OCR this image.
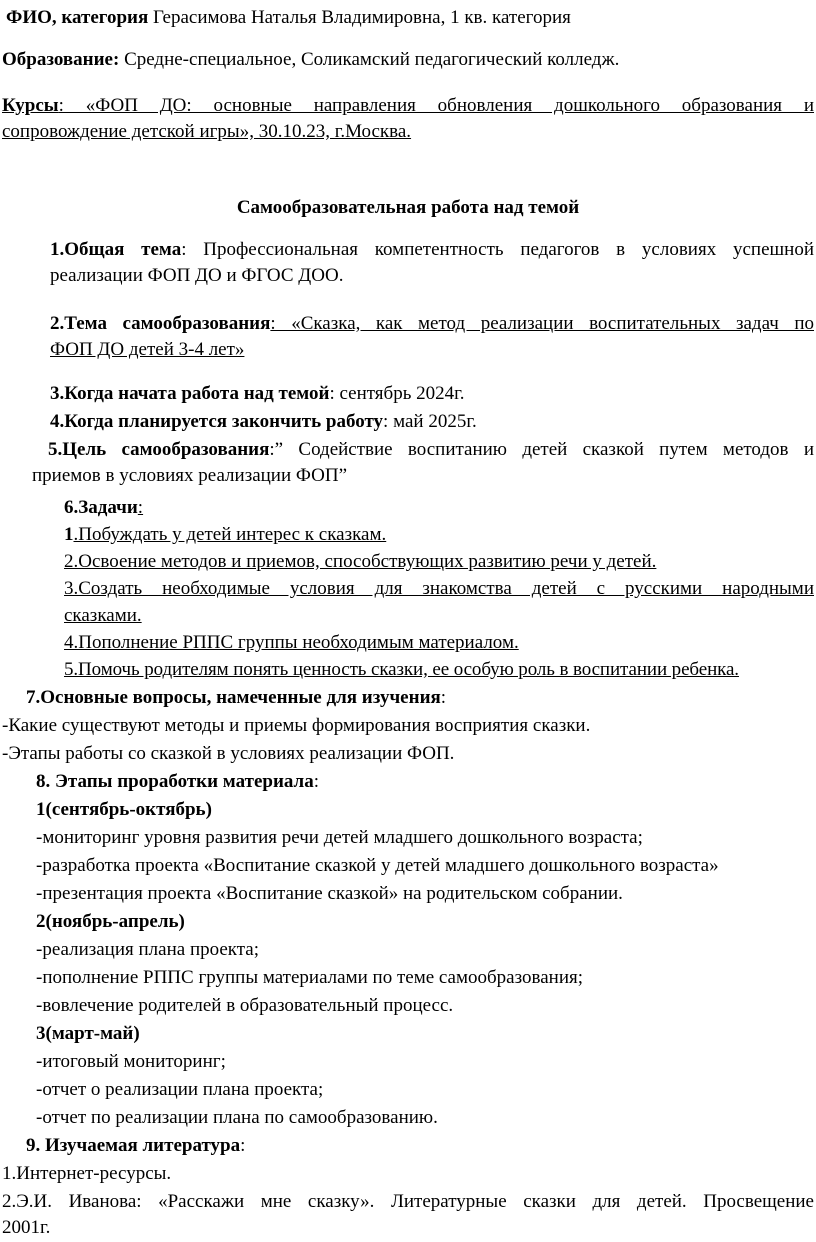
ФИО, категория Герасимова Наталья Владимировна, 1 кв. категория
Образование: Средне-специальное, Соликамский педагогический колледж.
Курсы: «ФОП ДО: основные направления обновления дошкольного образования и
сопровождение детской игры», 30.10.23, г.Москва.
Самообразовательная работа над темой
1.Общая тема: Профессиональная компетентность педагогов в условиях успешной
реализации ФОП ДО и ФГОС ДОО.
2.Тема самообразования: «Сказка, как метод реализации воспитательных задач по
ФОП ДО детей 3-4 лет»
3.Когда начата работа над темой: сентябрь 2024г.
4.Когда планируется закончить работу: май 2025г.
5.Цель самообразования:” Содействие воспитанию детей сказкой путем методов и
приемов в условиях реализации ФОП”
6.Задачи:
1.Побуждать у детей интерес к сказкам.
2.Освоение методов и приемов, способствующих развитию речи у детей.
3.Создать необходимые условия для знакомства детей с русскими народными
сказками.
4.Пополнение РППС группы необходимым материалом.
5.Помочь родителям понять ценность сказки, ее особую роль в воспитании ребенка.
7.Основные вопросы, намеченные для изучения:
-Какие существуют методы и приемы формирования восприятия сказки.
-Этапы работы со сказкой в условиях реализации ФОП.
8. Этапы проработки материала:
1(сентябрь-октябрь)
-мониторинг уровня развития речи детей младшего дошкольного возраста;
-разработка проекта «Воспитание сказкой у детей младшего дошкольного возраста»
-презентация проекта «Воспитание сказкой» на родительском собрании.
2(ноябрь-апрель)
-реализация плана проекта;
-пополнение РППС группы материалами по теме самообразования;
-вовлечение родителей в образовательный процесс.
3(март-май)
-итоговый мониторинг;
-отчет о реализации плана проекта;
-отчет по реализации плана по самообразованию.
9. Изучаемая литература:
1.Интернет-ресурсы.
2.Э.И. Иванова: «Расскажи мне сказку». Литературные сказки для детей. Просвещение
2001г.
